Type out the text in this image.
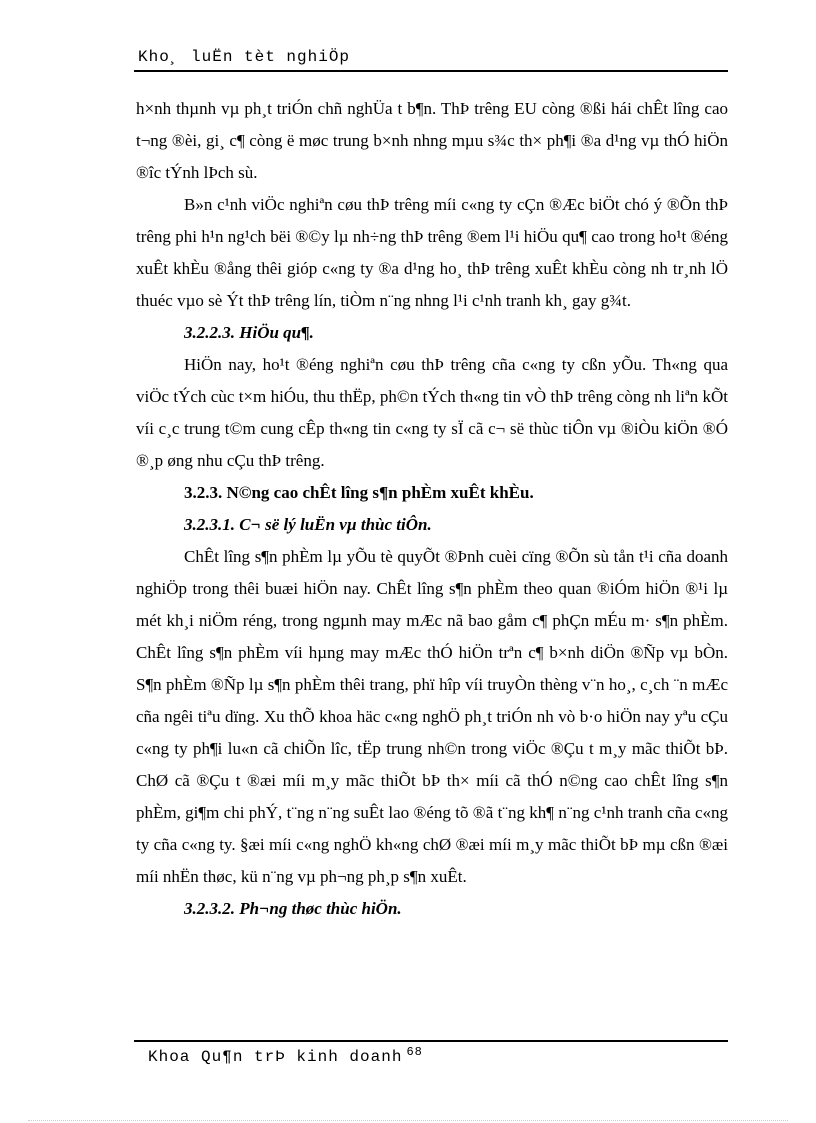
Kho¸ luËn tèt nghiÖp

h×nh thµnh vµ ph¸t triÓn chñ nghÜa t b¶n. ThÞ trêng EU còng ®ßi hái chÊt lîng cao t¬ng ®èi, gi¸ c¶ còng ë møc trung b×nh nhng mµu s¾c th× ph¶i ®a d¹ng vµ thÓ hiÖn ®îc tÝnh lÞch sù.

B»n c¹nh viÖc nghiªn cøu thÞ trêng míi c«ng ty cÇn ®Æc biÖt chó ý ®Õn thÞ trêng phi h¹n ng¹ch bëi ®©y lµ nh÷ng thÞ trêng ®em l¹i hiÖu qu¶ cao trong ho¹t ®éng xuÊt khÈu ®ång thêi gióp c«ng ty ®a d¹ng ho¸ thÞ trêng xuÊt khÈu còng nh tr¸nh lÖ thuéc vµo sè Ýt thÞ trêng lín, tiÒm n¨ng nhng l¹i c¹nh tranh kh¸ gay g¾t.

3.2.2.3. HiÖu qu¶.

HiÖn nay, ho¹t ®éng nghiªn cøu thÞ trêng cña c«ng ty cßn yÕu. Th«ng qua viÖc tÝch cùc t×m hiÓu, thu thËp, ph©n tÝch th«ng tin vÒ thÞ trêng còng nh liªn kÕt víi c¸c trung t©m cung cÊp th«ng tin c«ng ty sÏ cã c¬ së thùc tiÔn vµ ®iÒu kiÖn ®Ó ®¸p øng nhu cÇu thÞ trêng.

3.2.3. N©ng cao chÊt lîng s¶n phÈm xuÊt khÈu.

3.2.3.1. C¬ së lý luËn vµ thùc tiÔn.

ChÊt lîng s¶n phÈm lµ yÕu tè quyÕt ®Þnh cuèi cïng ®Õn sù tån t¹i cña doanh nghiÖp trong thêi buæi hiÖn nay. ChÊt lîng s¶n phÈm theo quan ®iÓm hiÖn ®¹i lµ mét kh¸i niÖm réng, trong ngµnh may mÆc nã bao gåm c¶ phÇn mÉu m· s¶n phÈm. ChÊt lîng s¶n phÈm víi hµng may mÆc thÓ hiÖn trªn c¶ b×nh diÖn ®Ñp vµ bÒn. S¶n phÈm ®Ñp lµ s¶n phÈm thêi trang, phï hîp víi truyÒn thèng v¨n ho¸, c¸ch ¨n mÆc cña ngêi tiªu dïng. Xu thÕ khoa häc c«ng nghÖ ph¸t triÓn nh vò b·o hiÖn nay yªu cÇu c«ng ty ph¶i lu«n cã chiÕn lîc, tËp trung nh©n trong viÖc ®Çu t m¸y mãc thiÕt bÞ. ChØ cã ®Çu t ®æi míi m¸y mãc thiÕt bÞ th× míi cã thÓ n©ng cao chÊt lîng s¶n phÈm, gi¶m chi phÝ, t¨ng n¨ng suÊt lao ®éng tõ ®ã t¨ng kh¶ n¨ng c¹nh tranh cña c«ng ty cña c«ng ty. §æi míi c«ng nghÖ kh«ng chØ ®æi míi m¸y mãc thiÕt bÞ mµ cßn ®æi míi nhËn thøc, kü n¨ng vµ ph¬ng ph¸p s¶n xuÊt.

3.2.3.2. Ph¬ng thøc thùc hiÖn.

Khoa Qu¶n trÞ kinh doanh $^{68}$
